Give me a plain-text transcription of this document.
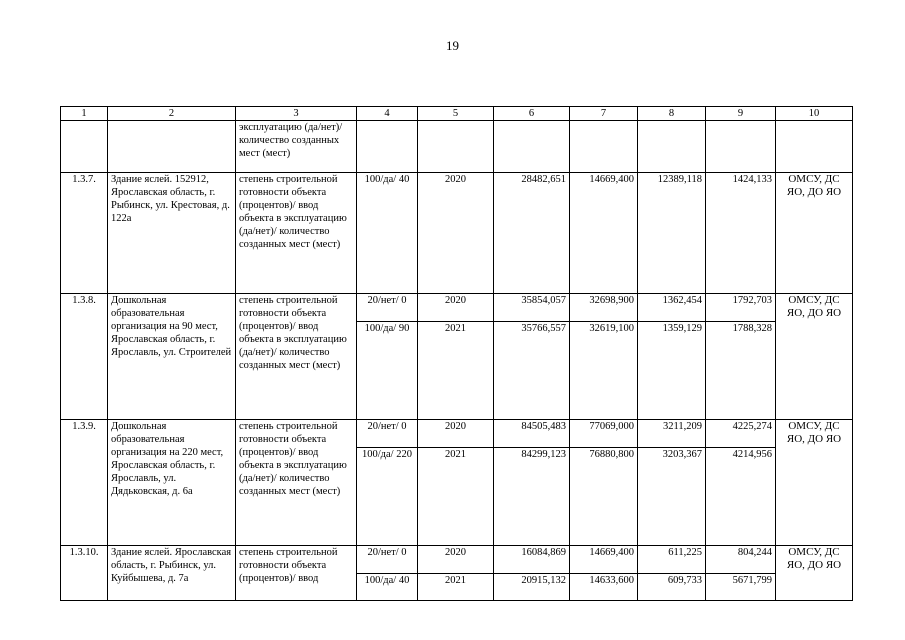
19
1	2	3	4	5	6	7	8	9	10
		эксплуатацию (да/нет)/ количество созданных мест (мест)							
1.3.7.	Здание яслей. 152912, Ярославская область, г. Рыбинск, ул. Крестовая, д. 122а	степень строительной готовности объекта (процентов)/ ввод объекта в эксплуатацию (да/нет)/ количество созданных мест (мест)	100/да/ 40	2020	28482,651	14669,400	12389,118	1424,133	ОМСУ, ДС ЯО, ДО ЯО
1.3.8.	Дошкольная образовательная организация на 90 мест, Ярославская область, г. Ярославль, ул. Строителей	степень строительной готовности объекта (процентов)/ ввод объекта в эксплуатацию (да/нет)/ количество созданных мест (мест)	20/нет/ 0	2020	35854,057	32698,900	1362,454	1792,703	ОМСУ, ДС ЯО, ДО ЯО
			100/да/ 90	2021	35766,557	32619,100	1359,129	1788,328	
1.3.9.	Дошкольная образовательная организация на 220 мест, Ярославская область, г. Ярославль, ул. Дядьковская, д. 6а	степень строительной готовности объекта (процентов)/ ввод объекта в эксплуатацию (да/нет)/ количество созданных мест (мест)	20/нет/ 0	2020	84505,483	77069,000	3211,209	4225,274	ОМСУ, ДС ЯО, ДО ЯО
			100/да/ 220	2021	84299,123	76880,800	3203,367	4214,956	
1.3.10.	Здание яслей. Ярославская область, г. Рыбинск, ул. Куйбышева, д. 7а	степень строительной готовности объекта (процентов)/ ввод	20/нет/ 0	2020	16084,869	14669,400	611,225	804,244	ОМСУ, ДС ЯО, ДО ЯО
			100/да/ 40	2021	20915,132	14633,600	609,733	5671,799	
